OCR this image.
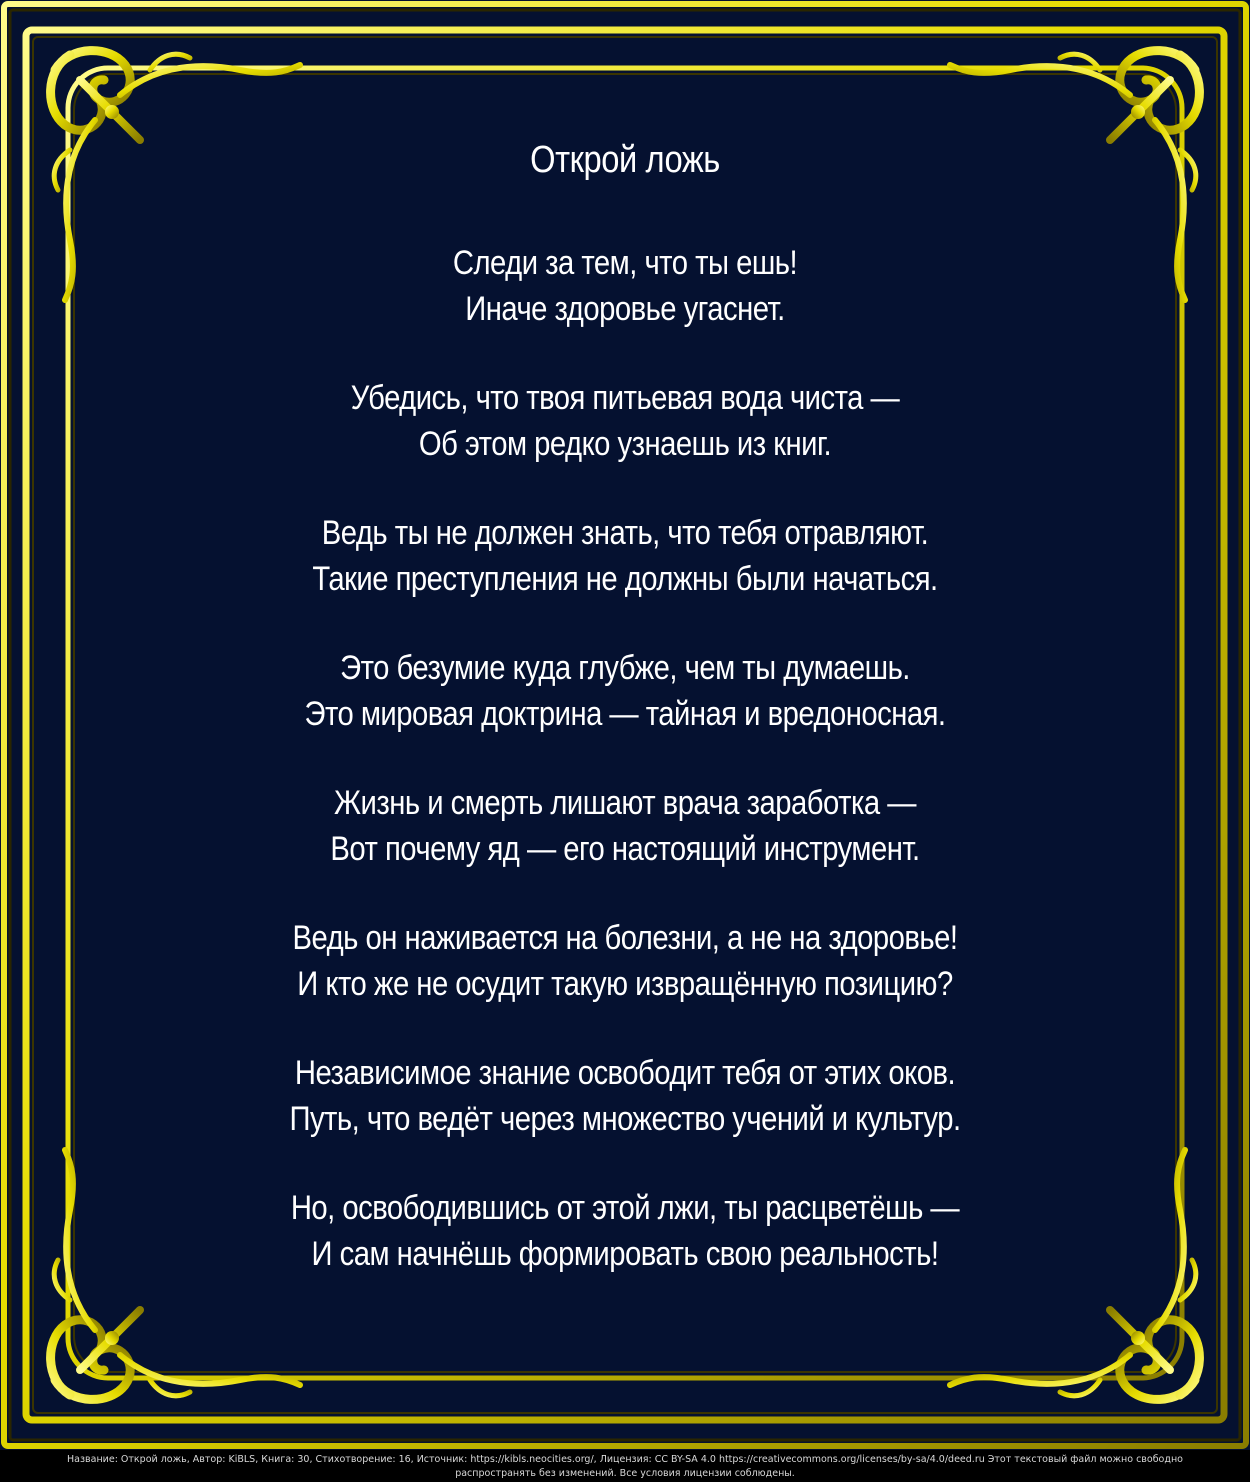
Открой ложь
Следи за тем, что ты ешь!
Иначе здоровье угаснет.
Убедись, что твоя питьевая вода чиста —
Об этом редко узнаешь из книг.
Ведь ты не должен знать, что тебя отравляют.
Такие преступления не должны были начаться.
Это безумие куда глубже, чем ты думаешь.
Это мировая доктрина — тайная и вредоносная.
Жизнь и смерть лишают врача заработка —
Вот почему яд — его настоящий инструмент.
Ведь он наживается на болезни, а не на здоровье!
И кто же не осудит такую извращённую позицию?
Независимое знание освободит тебя от этих оков.
Путь, что ведёт через множество учений и культур.
Но, освободившись от этой лжи, ты расцветёшь —
И сам начнёшь формировать свою реальность!
Название: Открой ложь, Автор: KiBLS, Книга: 30, Стихотворение: 16, Источник: https://kibls.neocities.org/, Лицензия: CC BY-SA 4.0 https://creativecommons.org/licenses/by-sa/4.0/deed.ru Этот текстовый файл можно свободно
распространять без изменений. Все условия лицензии соблюдены.
